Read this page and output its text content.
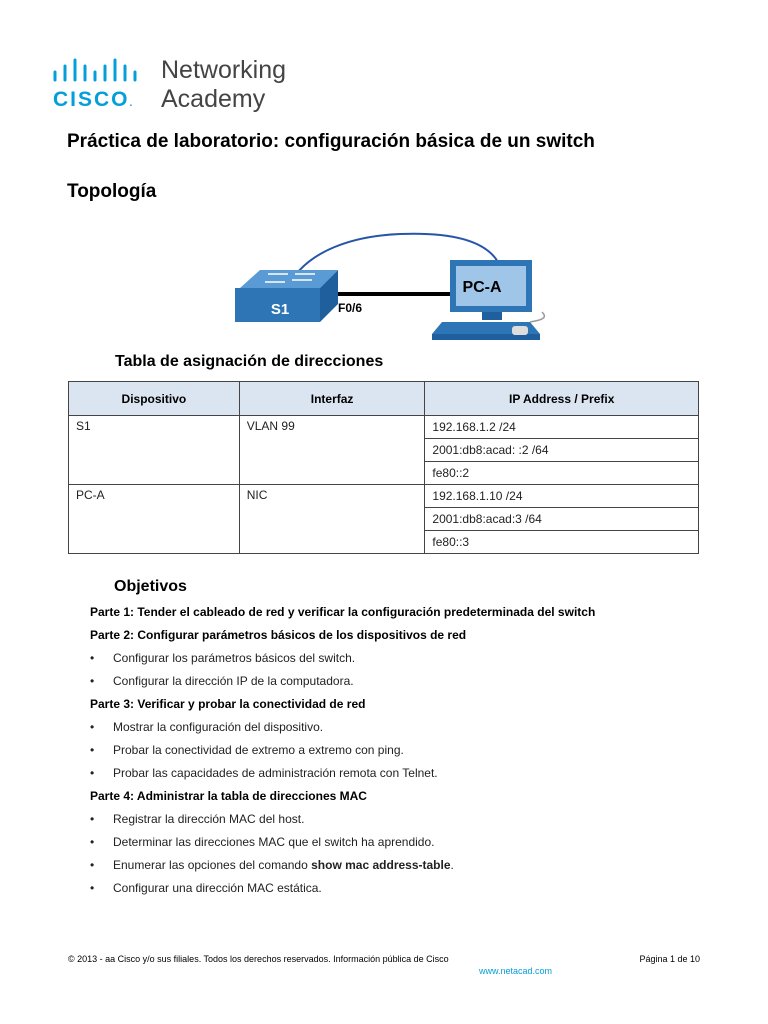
CISCO.
Networking
Academy
Práctica de laboratorio: configuración básica de un switch
Topología
S1	F0/6
PC-A
Tabla de asignación de direcciones
Dispositivo	Interfaz	IP Address / Prefix
S1	VLAN 99	192.168.1.2 /24
		2001:db8:acad: :2 /64
		fe80::2
PC-A	NIC	192.168.1.10 /24
		2001:db8:acad:3 /64
		fe80::3
Objetivos

Parte 1: Tender el cableado de red y verificar la configuración predeterminada del switch

Parte 2: Configurar parámetros básicos de los dispositivos de red

• Configurar los parámetros básicos del switch.
• Configurar la dirección IP de la computadora.

Parte 3: Verificar y probar la conectividad de red

• Mostrar la configuración del dispositivo.
• Probar la conectividad de extremo a extremo con ping.
• Probar las capacidades de administración remota con Telnet.

Parte 4: Administrar la tabla de direcciones MAC

• Registrar la dirección MAC del host.
• Determinar las direcciones MAC que el switch ha aprendido.
• Enumerar las opciones del comando show mac address-table.
• Configurar una dirección MAC estática.
© 2013 - aa Cisco y/o sus filiales. Todos los derechos reservados. Información pública de Cisco	Página 1 de 10
www.netacad.com
